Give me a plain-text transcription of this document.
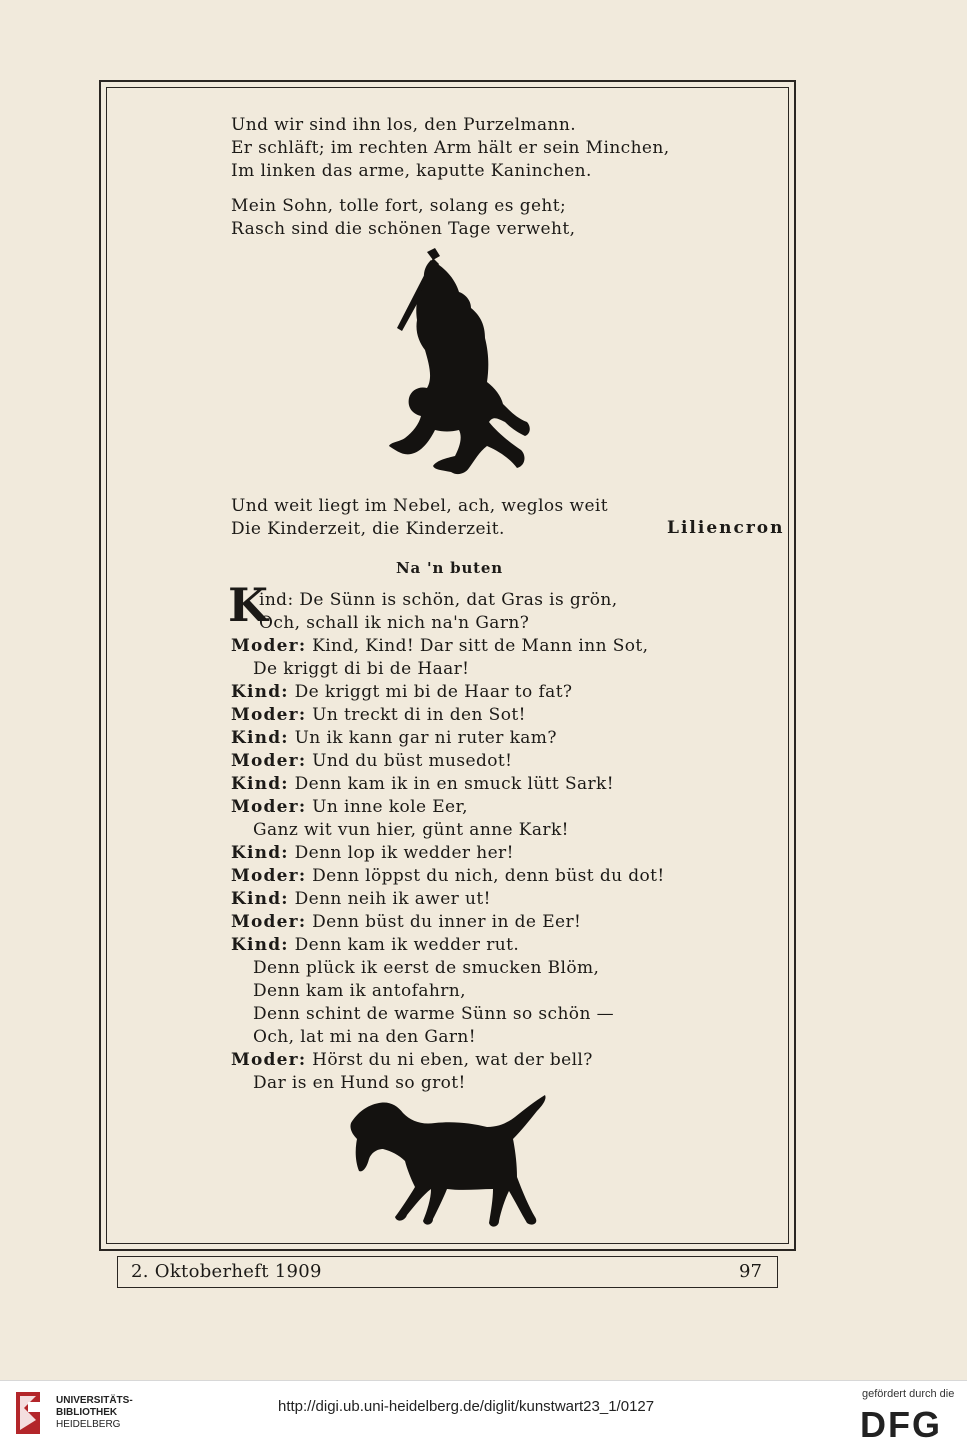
Und wir sind ihn los, den Purzelmann.
Er schläft; im rechten Arm hält er sein Minchen,
Im linken das arme, kaputte Kaninchen.
Mein Sohn, tolle fort, solang es geht;
Rasch sind die schönen Tage verweht,
Und weit liegt im Nebel, ach, weglos weit
Die Kinderzeit, die Kinderzeit.	Liliencron
Na 'n buten
K
ind: De Sünn is schön, dat Gras is grön,
Och, schall ik nich na'n Garn?
Moder: Kind, Kind! Dar sitt de Mann inn Sot,
De kriggt di bi de Haar!
Kind: De kriggt mi bi de Haar to fat?
Moder: Un treckt di in den Sot!
Kind: Un ik kann gar ni ruter kam?
Moder: Und du büst musedot!
Kind: Denn kam ik in en smuck lütt Sark!
Moder: Un inne kole Eer,
Ganz wit vun hier, günt anne Kark!
Kind: Denn lop ik wedder her!
Moder: Denn löppst du nich, denn büst du dot!
Kind: Denn neih ik awer ut!
Moder: Denn büst du inner in de Eer!
Kind: Denn kam ik wedder rut.
Denn plück ik eerst de smucken Blöm,
Denn kam ik antofahrn,
Denn schint de warme Sünn so schön —
Och, lat mi na den Garn!
Moder: Hörst du ni eben, wat der bell?
Dar is en Hund so grot!
2. Oktoberheft 1909	97
UNIVERSITÄTS-
BIBLIOTHEK
HEIDELBERG
http://digi.ub.uni-heidelberg.de/diglit/kunstwart23_1/0127
gefördert durch die
DFG
